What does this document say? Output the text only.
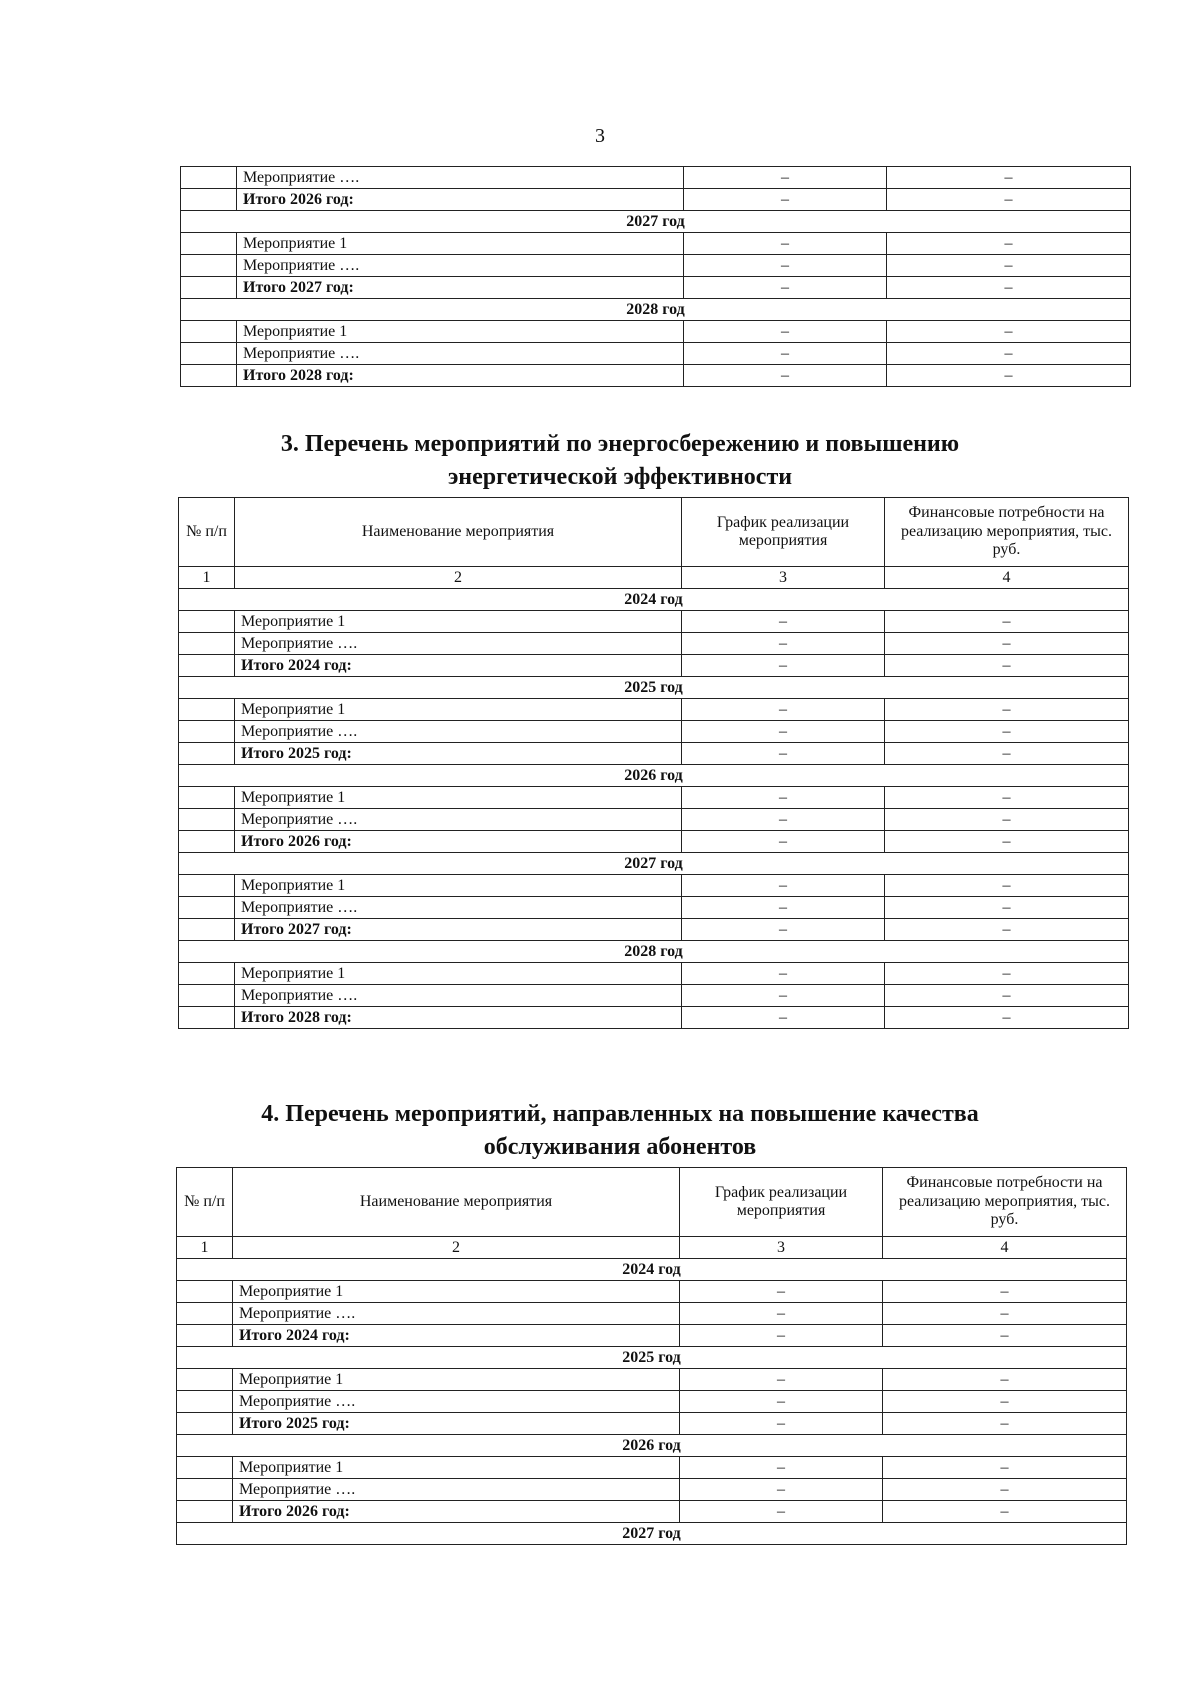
3
	Мероприятие ….	–	–
	Итого 2026 год:	–	–
2027 год			
	Мероприятие 1	–	–
	Мероприятие ….	–	–
	Итого 2027 год:	–	–
2028 год			
	Мероприятие 1	–	–
	Мероприятие ….	–	–
	Итого 2028 год:	–	–
3. Перечень мероприятий по энергосбережению и повышению
энергетической эффективности
№ п/п	Наименование мероприятия	График реализации мероприятия	Финансовые потребности на реализацию мероприятия, тыс. руб.
1	2	3	4
2024 год			
	Мероприятие 1	–	–
	Мероприятие ….	–	–
	Итого 2024 год:	–	–
2025 год			
	Мероприятие 1	–	–
	Мероприятие ….	–	–
	Итого 2025 год:	–	–
2026 год			
	Мероприятие 1	–	–
	Мероприятие ….	–	–
	Итого 2026 год:	–	–
2027 год			
	Мероприятие 1	–	–
	Мероприятие ….	–	–
	Итого 2027 год:	–	–
2028 год			
	Мероприятие 1	–	–
	Мероприятие ….	–	–
	Итого 2028 год:	–	–
4. Перечень мероприятий, направленных на повышение качества
обслуживания абонентов
№ п/п	Наименование мероприятия	График реализации мероприятия	Финансовые потребности на реализацию мероприятия, тыс. руб.
1	2	3	4
2024 год			
	Мероприятие 1	–	–
	Мероприятие ….	–	–
	Итого 2024 год:	–	–
2025 год			
	Мероприятие 1	–	–
	Мероприятие ….	–	–
	Итого 2025 год:	–	–
2026 год			
	Мероприятие 1	–	–
	Мероприятие ….	–	–
	Итого 2026 год:	–	–
2027 год			
